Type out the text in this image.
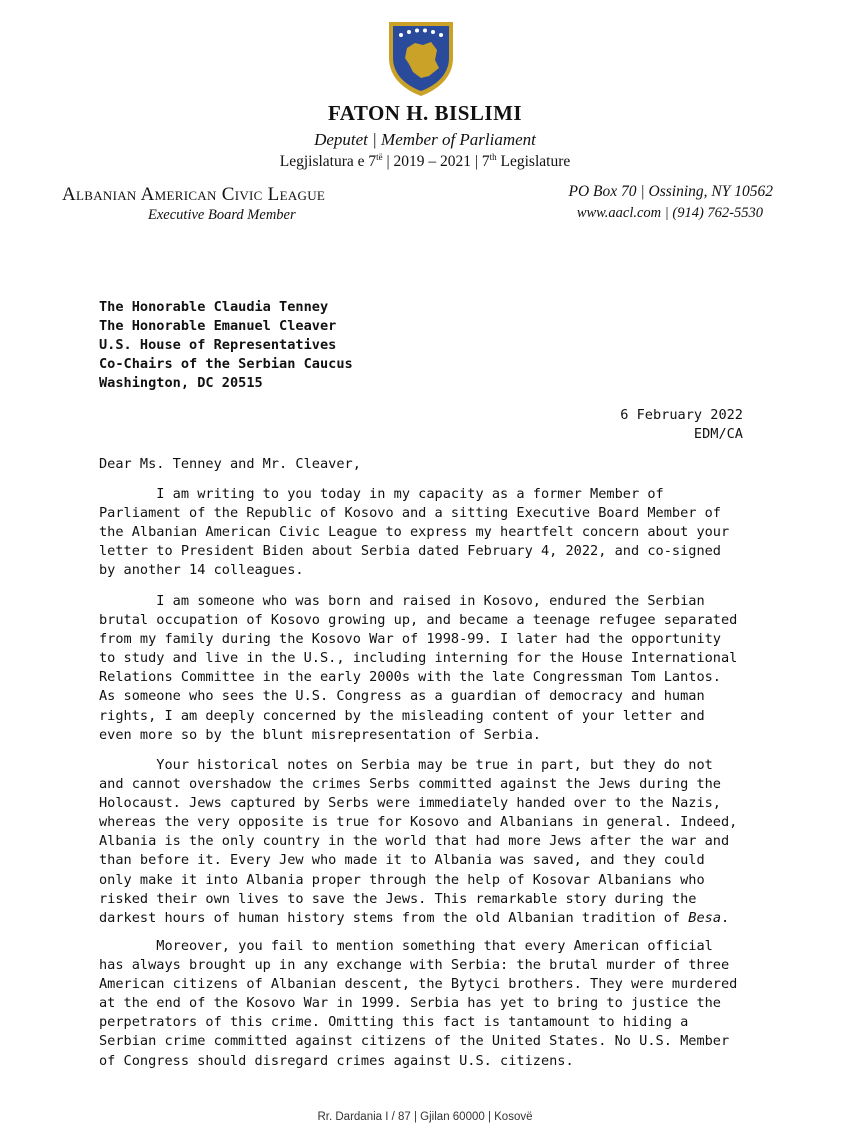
FATON H. BISLIMI
Deputet | Member of Parliament
Legjislatura e $7^{të}$ | 2019 – 2021 | 7th Legislature
Albanian American Civic League
Executive Board Member
PO Box 70 | Ossining, NY 10562
www.aacl.com | (914) 762-5530
The Honorable Claudia Tenney
The Honorable Emanuel Cleaver
U.S. House of Representatives
Co-Chairs of the Serbian Caucus
Washington, DC 20515
6 February 2022
EDM/CA
Dear Ms. Tenney and Mr. Cleaver,
I am writing to you today in my capacity as a former Member of
Parliament of the Republic of Kosovo and a sitting Executive Board Member of
the Albanian American Civic League to express my heartfelt concern about your
letter to President Biden about Serbia dated February 4, 2022, and co-signed
by another 14 colleagues.
I am someone who was born and raised in Kosovo, endured the Serbian
brutal occupation of Kosovo growing up, and became a teenage refugee separated
from my family during the Kosovo War of 1998-99. I later had the opportunity
to study and live in the U.S., including interning for the House International
Relations Committee in the early 2000s with the late Congressman Tom Lantos.
As someone who sees the U.S. Congress as a guardian of democracy and human
rights, I am deeply concerned by the misleading content of your letter and
even more so by the blunt misrepresentation of Serbia.
Your historical notes on Serbia may be true in part, but they do not
and cannot overshadow the crimes Serbs committed against the Jews during the
Holocaust. Jews captured by Serbs were immediately handed over to the Nazis,
whereas the very opposite is true for Kosovo and Albanians in general. Indeed,
Albania is the only country in the world that had more Jews after the war and
than before it. Every Jew who made it to Albania was saved, and they could
only make it into Albania proper through the help of Kosovar Albanians who
risked their own lives to save the Jews. This remarkable story during the
darkest hours of human history stems from the old Albanian tradition of Besa.
Moreover, you fail to mention something that every American official
has always brought up in any exchange with Serbia: the brutal murder of three
American citizens of Albanian descent, the Bytyci brothers. They were murdered
at the end of the Kosovo War in 1999. Serbia has yet to bring to justice the
perpetrators of this crime. Omitting this fact is tantamount to hiding a
Serbian crime committed against citizens of the United States. No U.S. Member
of Congress should disregard crimes against U.S. citizens.
Rr. Dardania I / 87 | Gjilan 60000 | Kosovë
